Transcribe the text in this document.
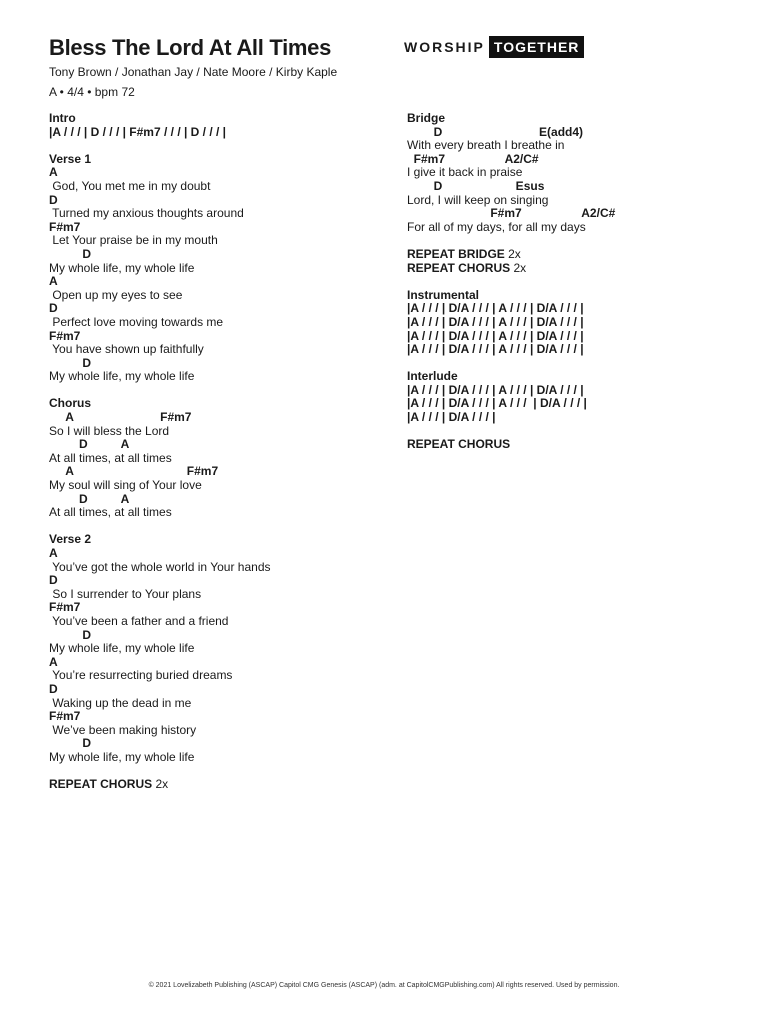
Bless The Lord At All Times
Tony Brown / Jonathan Jay / Nate Moore / Kirby Kaple
A • 4/4 • bpm 72
WORSHIP TOGETHER
Intro
|A / / / | D / / / | F#m7 / / / | D / / / |
Verse 1
A
God, You met me in my doubt
D
Turned my anxious thoughts around
F#m7
Let Your praise be in my mouth
D
My whole life, my whole life
A
Open up my eyes to see
D
Perfect love moving towards me
F#m7
You have shown up faithfully
D
My whole life, my whole life
Chorus
A                          F#m7
So I will bless the Lord
D          A
At all times, at all times
A                                  F#m7
My soul will sing of Your love
D          A
At all times, at all times
Verse 2
A
You’ve got the whole world in Your hands
D
So I surrender to Your plans
F#m7
You’ve been a father and a friend
D
My whole life, my whole life
A
You’re resurrecting buried dreams
D
Waking up the dead in me
F#m7
We’ve been making history
D
My whole life, my whole life
REPEAT CHORUS 2x
Bridge
D                             E(add4)
With every breath I breathe in
F#m7                  A2/C#
I give it back in praise
D                      Esus
Lord, I will keep on singing
F#m7                  A2/C#
For all of my days, for all my days
REPEAT BRIDGE 2x
REPEAT CHORUS 2x
Instrumental
|A / / / | D/A / / / | A / / / | D/A / / / |
|A / / / | D/A / / / | A / / / | D/A / / / |
|A / / / | D/A / / / | A / / / | D/A / / / |
|A / / / | D/A / / / | A / / / | D/A / / / |
Interlude
|A / / / | D/A / / / | A / / / | D/A / / / |
|A / / / | D/A / / / | A / / /  | D/A / / / |
|A / / / | D/A / / / |
REPEAT CHORUS
© 2021 Lovelizabeth Publishing (ASCAP) Capitol CMG Genesis (ASCAP) (adm. at CapitolCMGPublishing.com) All rights reserved. Used by permission.
